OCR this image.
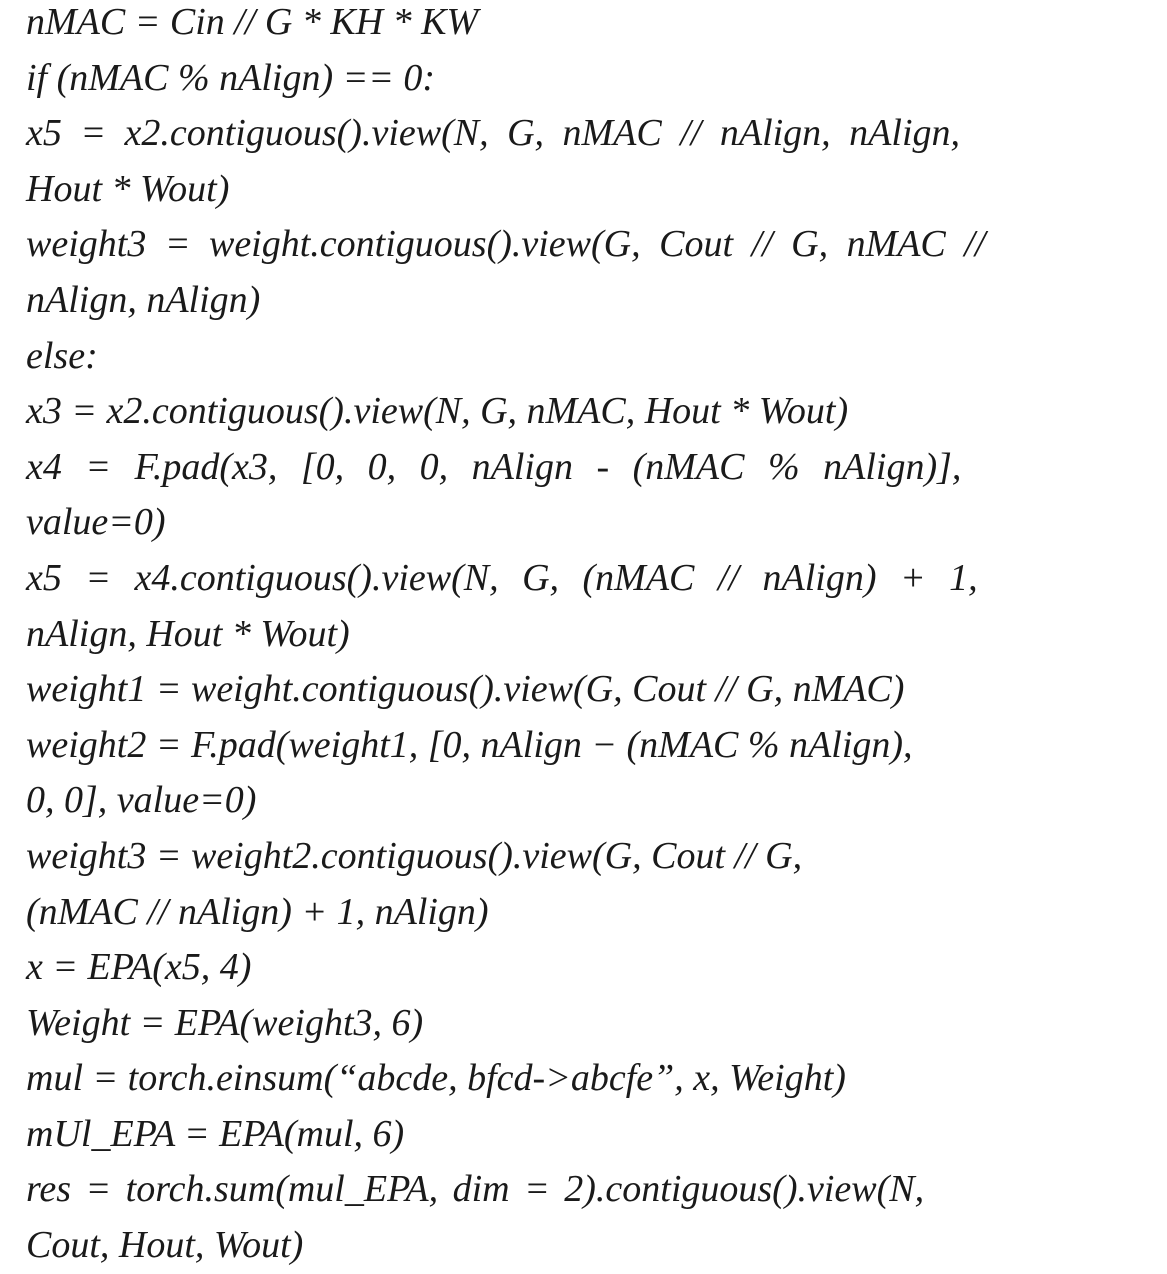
nMAC = Cin // G * KH * KW
if (nMAC % nAlign) == 0:
x5 = x2.contiguous().view(N, G, nMAC // nAlign, nAlign,
Hout * Wout)
weight3 = weight.contiguous().view(G, Cout // G, nMAC //
nAlign, nAlign)
else:
x3 = x2.contiguous().view(N, G, nMAC, Hout * Wout)
x4 = F.pad(x3, [0, 0, 0, nAlign - (nMAC % nAlign)],
value=0)
x5 = x4.contiguous().view(N, G, (nMAC // nAlign) + 1,
nAlign, Hout * Wout)
weight1 = weight.contiguous().view(G, Cout // G, nMAC)
weight2 = F.pad(weight1, [0, nAlign − (nMAC % nAlign),
0, 0], value=0)
weight3 = weight2.contiguous().view(G, Cout // G,
(nMAC // nAlign) + 1, nAlign)
x = EPA(x5, 4)
Weight = EPA(weight3, 6)
mul = torch.einsum(“abcde, bfcd->abcfe”, x, Weight)
mUl_EPA = EPA(mul, 6)
res = torch.sum(mul_EPA, dim = 2).contiguous().view(N,
Cout, Hout, Wout)
